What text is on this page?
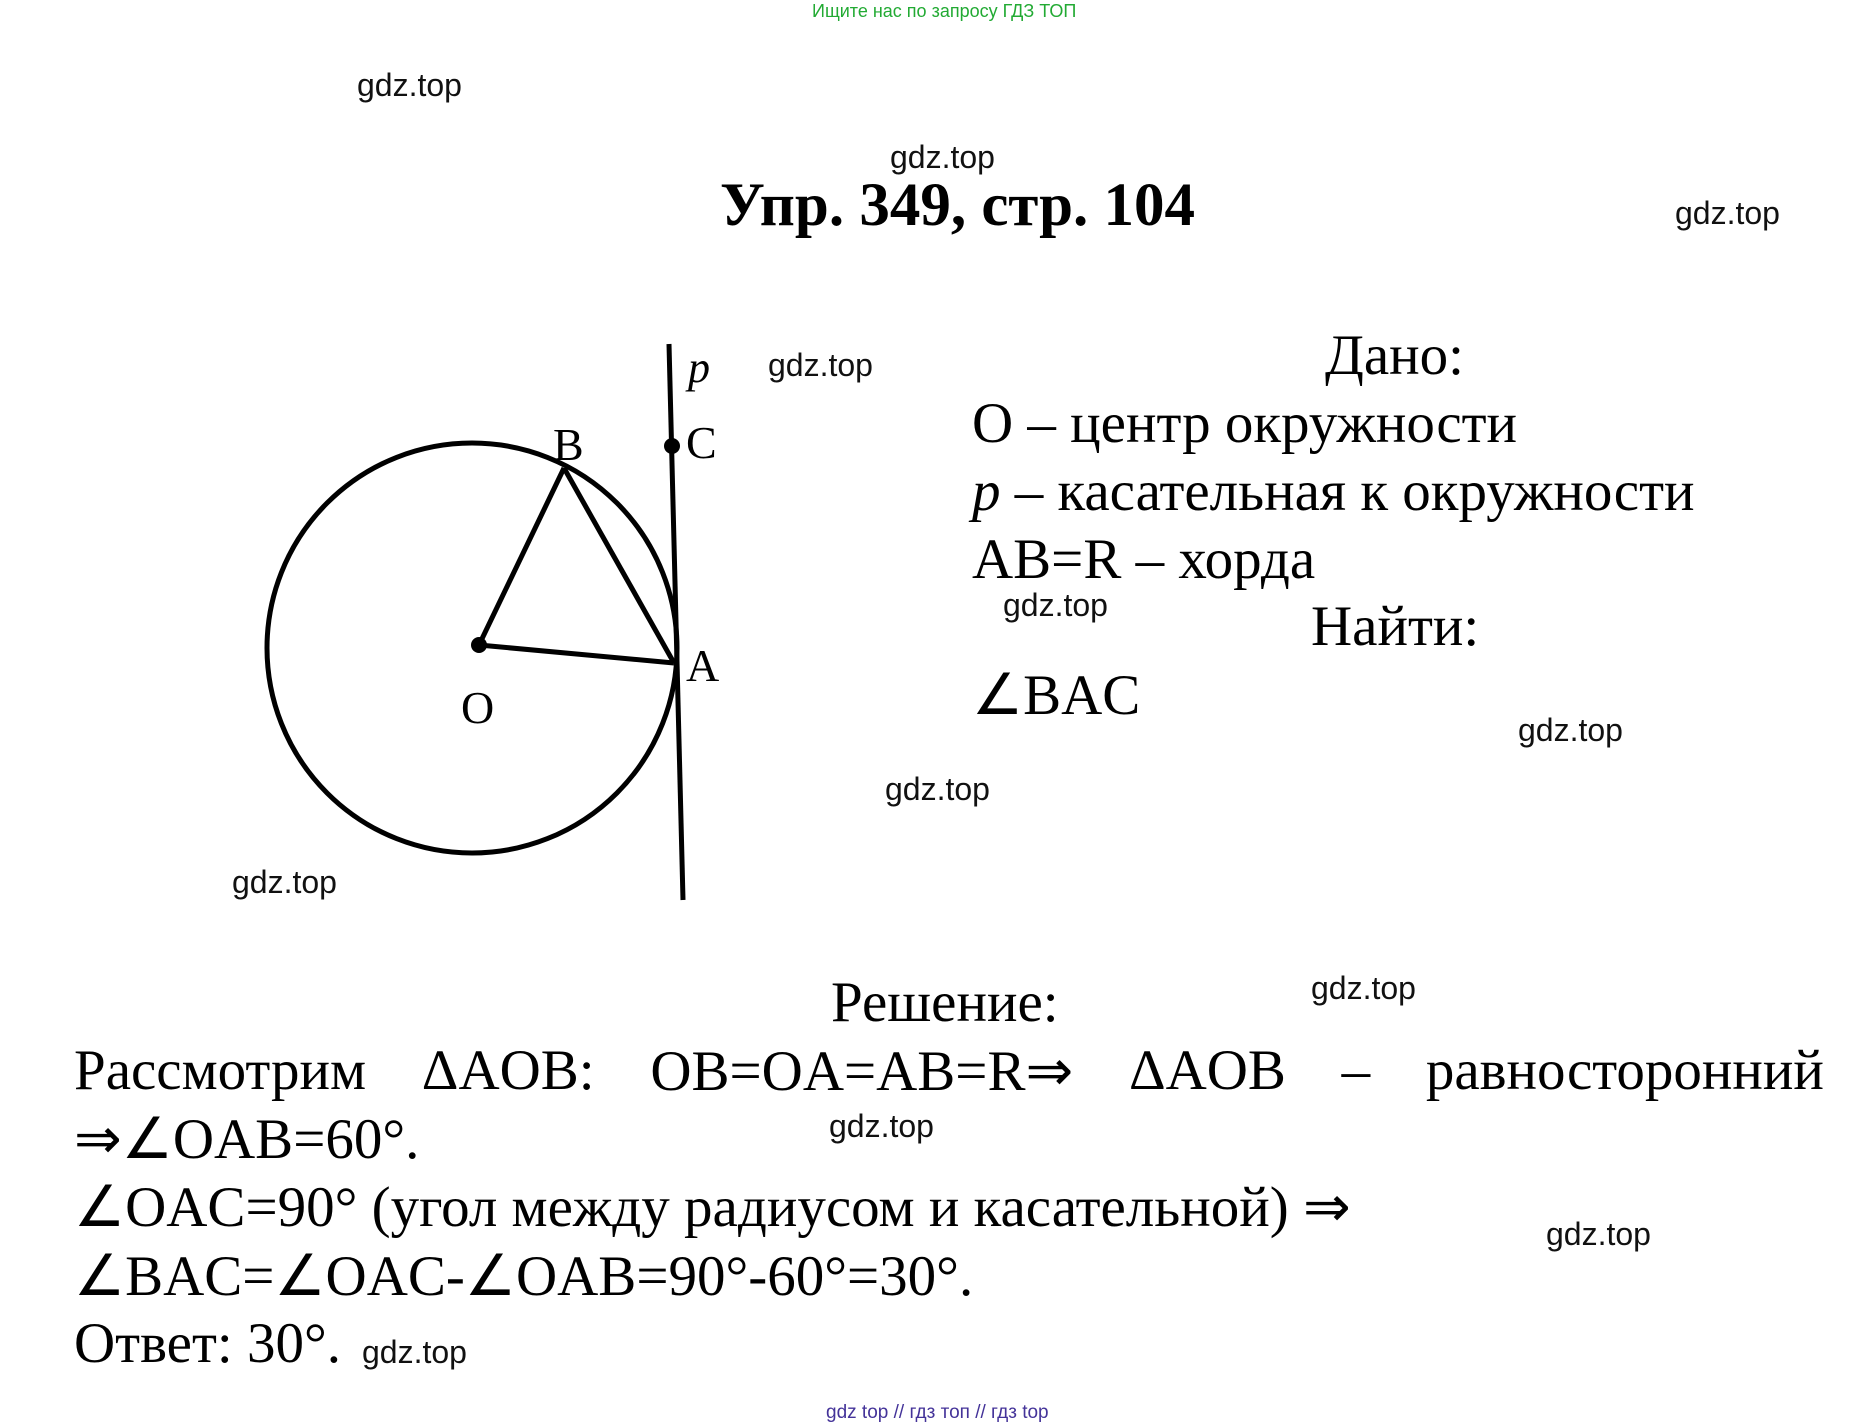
Ищите нас по запросу ГДЗ ТОП
gdz.top
gdz.top
gdz.top
gdz.top
gdz.top
gdz.top
gdz.top
gdz.top
gdz.top
gdz.top
gdz.top
gdz.top
Упр. 349, стр. 104
p
B C
A
O
Дано:
O – центр окружности
p – касательная к окружности
AB=R – хорда
Найти:
∠BAC
Решение:
Рассмотрим ΔAOB: OB=OA=AB=R⇒ ΔAOB – равносторонний
⇒∠OAB=60°.
∠OAC=90° (угол между радиусом и касательной) ⇒
∠BAC=∠OAC-∠OAB=90°-60°=30°.
Ответ: 30°.
gdz top // гдз топ // гдз top
